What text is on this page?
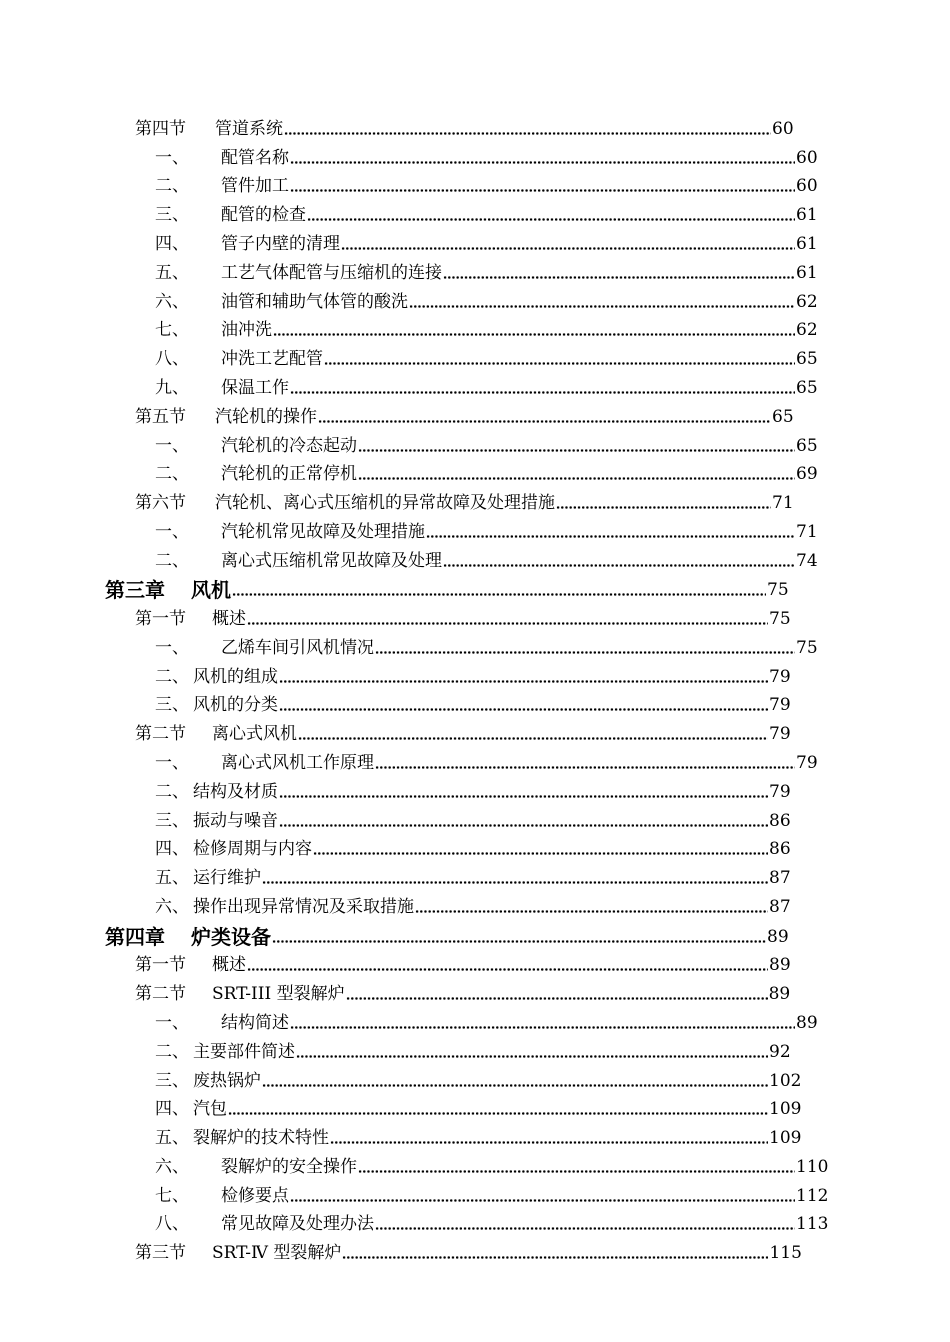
第四节	管道系统	60
一、	配管名称	60
二、	管件加工	60
三、	配管的检查	61
四、	管子内壁的清理	61
五、	工艺气体配管与压缩机的连接	61
六、	油管和辅助气体管的酸洗	62
七、	油冲洗	62
八、	冲洗工艺配管	65
九、	保温工作	65
第五节	汽轮机的操作	65
一、	汽轮机的冷态起动	65
二、	汽轮机的正常停机	69
第六节	汽轮机、离心式压缩机的异常故障及处理措施	71
一、	汽轮机常见故障及处理措施	71
二、	离心式压缩机常见故障及处理	74
第三章	风机	75
第一节	概述	75
一、	乙烯车间引风机情况	75
二、 风机的组成	79
三、 风机的分类	79
第二节	离心式风机	79
一、	离心式风机工作原理	79
二、 结构及材质	79
三、 振动与噪音	86
四、 检修周期与内容	86
五、 运行维护	87
六、 操作出现异常情况及采取措施	87
第四章	炉类设备	89
第一节	概述	89
第二节	SRT-III 型裂解炉	89
一、	结构简述	89
二、 主要部件简述	92
三、 废热锅炉	102
四、 汽包	109
五、 裂解炉的技术特性	109
六、	裂解炉的安全操作	110
七、	检修要点	112
八、	常见故障及处理办法	113
第三节	SRT-Ⅳ 型裂解炉	115
